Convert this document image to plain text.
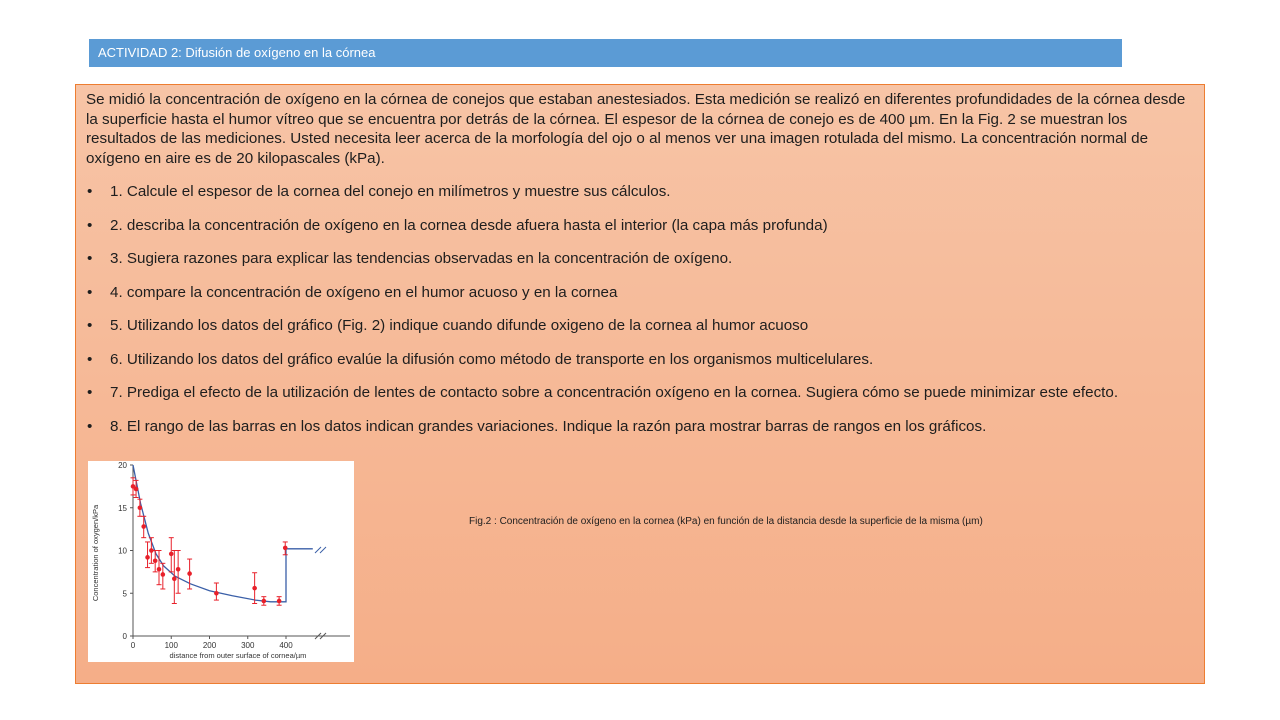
ACTIVIDAD 2: Difusión de oxígeno en la córnea

Se midió la concentración de oxígeno en la córnea de conejos que estaban anestesiados. Esta medición se realizó en diferentes profundidades de la córnea desde la superficie hasta el humor vítreo que se encuentra por detrás de la córnea. El espesor de la córnea de conejo es de 400 µm. En la Fig. 2 se muestran los resultados de las mediciones. Usted necesita leer acerca de la morfología del ojo o al menos ver una imagen rotulada del mismo. La concentración normal de oxígeno en aire es de 20 kilopascales (kPa).

• 1. Calcule el espesor de la cornea del conejo en milímetros y muestre sus cálculos.
• 2. describa la concentración de oxígeno en la cornea desde afuera hasta el interior (la capa más profunda)
• 3. Sugiera razones para explicar las tendencias observadas en la concentración de oxígeno.
• 4. compare la concentración de oxígeno en el humor acuoso y en la cornea
• 5. Utilizando los datos del gráfico (Fig. 2) indique cuando difunde oxigeno de la cornea al humor acuoso
• 6. Utilizando los datos del gráfico evalúe la difusión como método de transporte en los organismos multicelulares.
• 7. Prediga el efecto de la utilización de lentes de contacto sobre a concentración oxígeno en la cornea. Sugiera cómo se puede minimizar este efecto.
• 8. El rango de las barras en los datos indican grandes variaciones. Indique la razón para mostrar barras de rangos en los gráficos.
0
5
10
15
20
0	100	200	300	400
Concentration of oxygen/kPa
distance from outer surface of cornea/µm
Fig.2 : Concentración de oxígeno en la cornea (kPa) en función de la distancia desde la superficie de la misma (µm)
